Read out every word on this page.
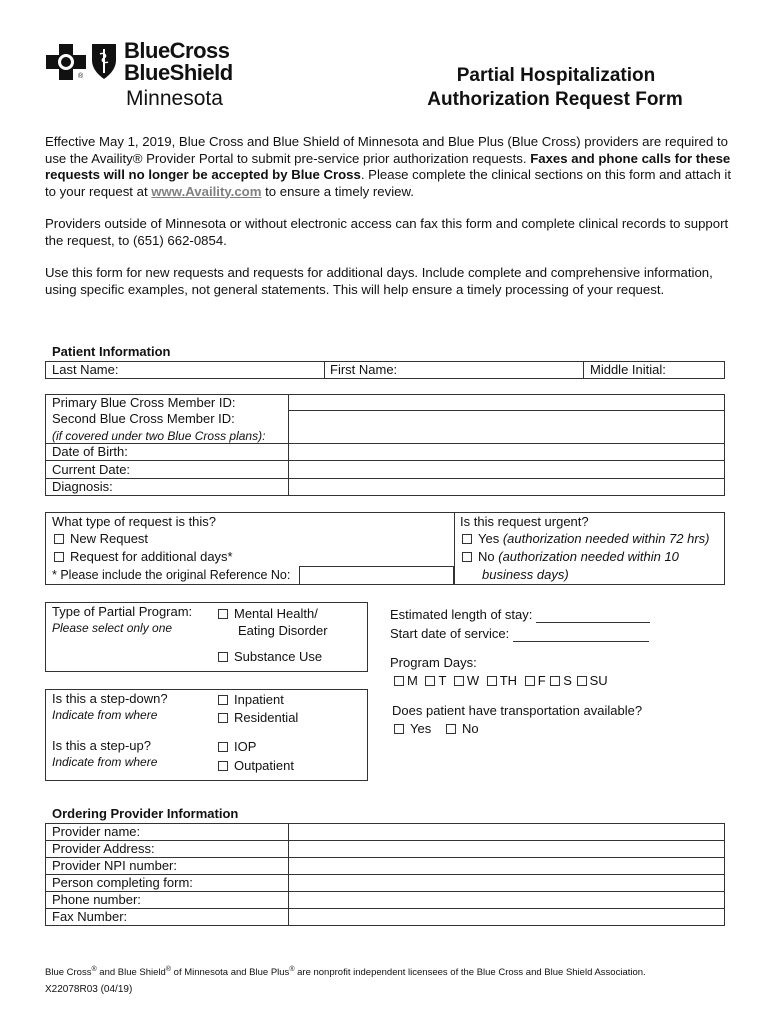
®
BlueCross
BlueShield
Minnesota
Partial Hospitalization
Authorization Request Form
Effective May 1, 2019, Blue Cross and Blue Shield of Minnesota and Blue Plus (Blue Cross) providers are required to use the Availity® Provider Portal to submit pre-service prior authorization requests. Faxes and phone calls for these requests will no longer be accepted by Blue Cross. Please complete the clinical sections on this form and attach it to your request at www.Availity.com to ensure a timely review.
Providers outside of Minnesota or without electronic access can fax this form and complete clinical records to support the request, to (651) 662-0854.
Use this form for new requests and requests for additional days. Include complete and comprehensive information, using specific examples, not general statements. This will help ensure a timely processing of your request.
Patient Information
Last Name:	First Name:	Middle Initial:
Primary Blue Cross Member ID:
Second Blue Cross Member ID:
(if covered under two Blue Cross plans):
Date of Birth:
Current Date:
Diagnosis:
What type of request is this?
New Request
Request for additional days*
* Please include the original Reference No:
Is this request urgent?
Yes (authorization needed within 72 hrs)
No (authorization needed within 10
business days)
Type of Partial Program:
Please select only one
Mental Health/
Eating Disorder
Substance Use
Is this a step-down?
Indicate from where
Inpatient
Residential
Is this a step-up?
Indicate from where
IOP
Outpatient
Estimated length of stay:
Start date of service:
Program Days:
M T W TH F S SU
Does patient have transportation available?
Yes	No
Ordering Provider Information
Provider name:
Provider Address:
Provider NPI number:
Person completing form:
Phone number:
Fax Number:
Blue Cross® and Blue Shield® of Minnesota and Blue Plus® are nonprofit independent licensees of the Blue Cross and Blue Shield Association.
X22078R03 (04/19)
